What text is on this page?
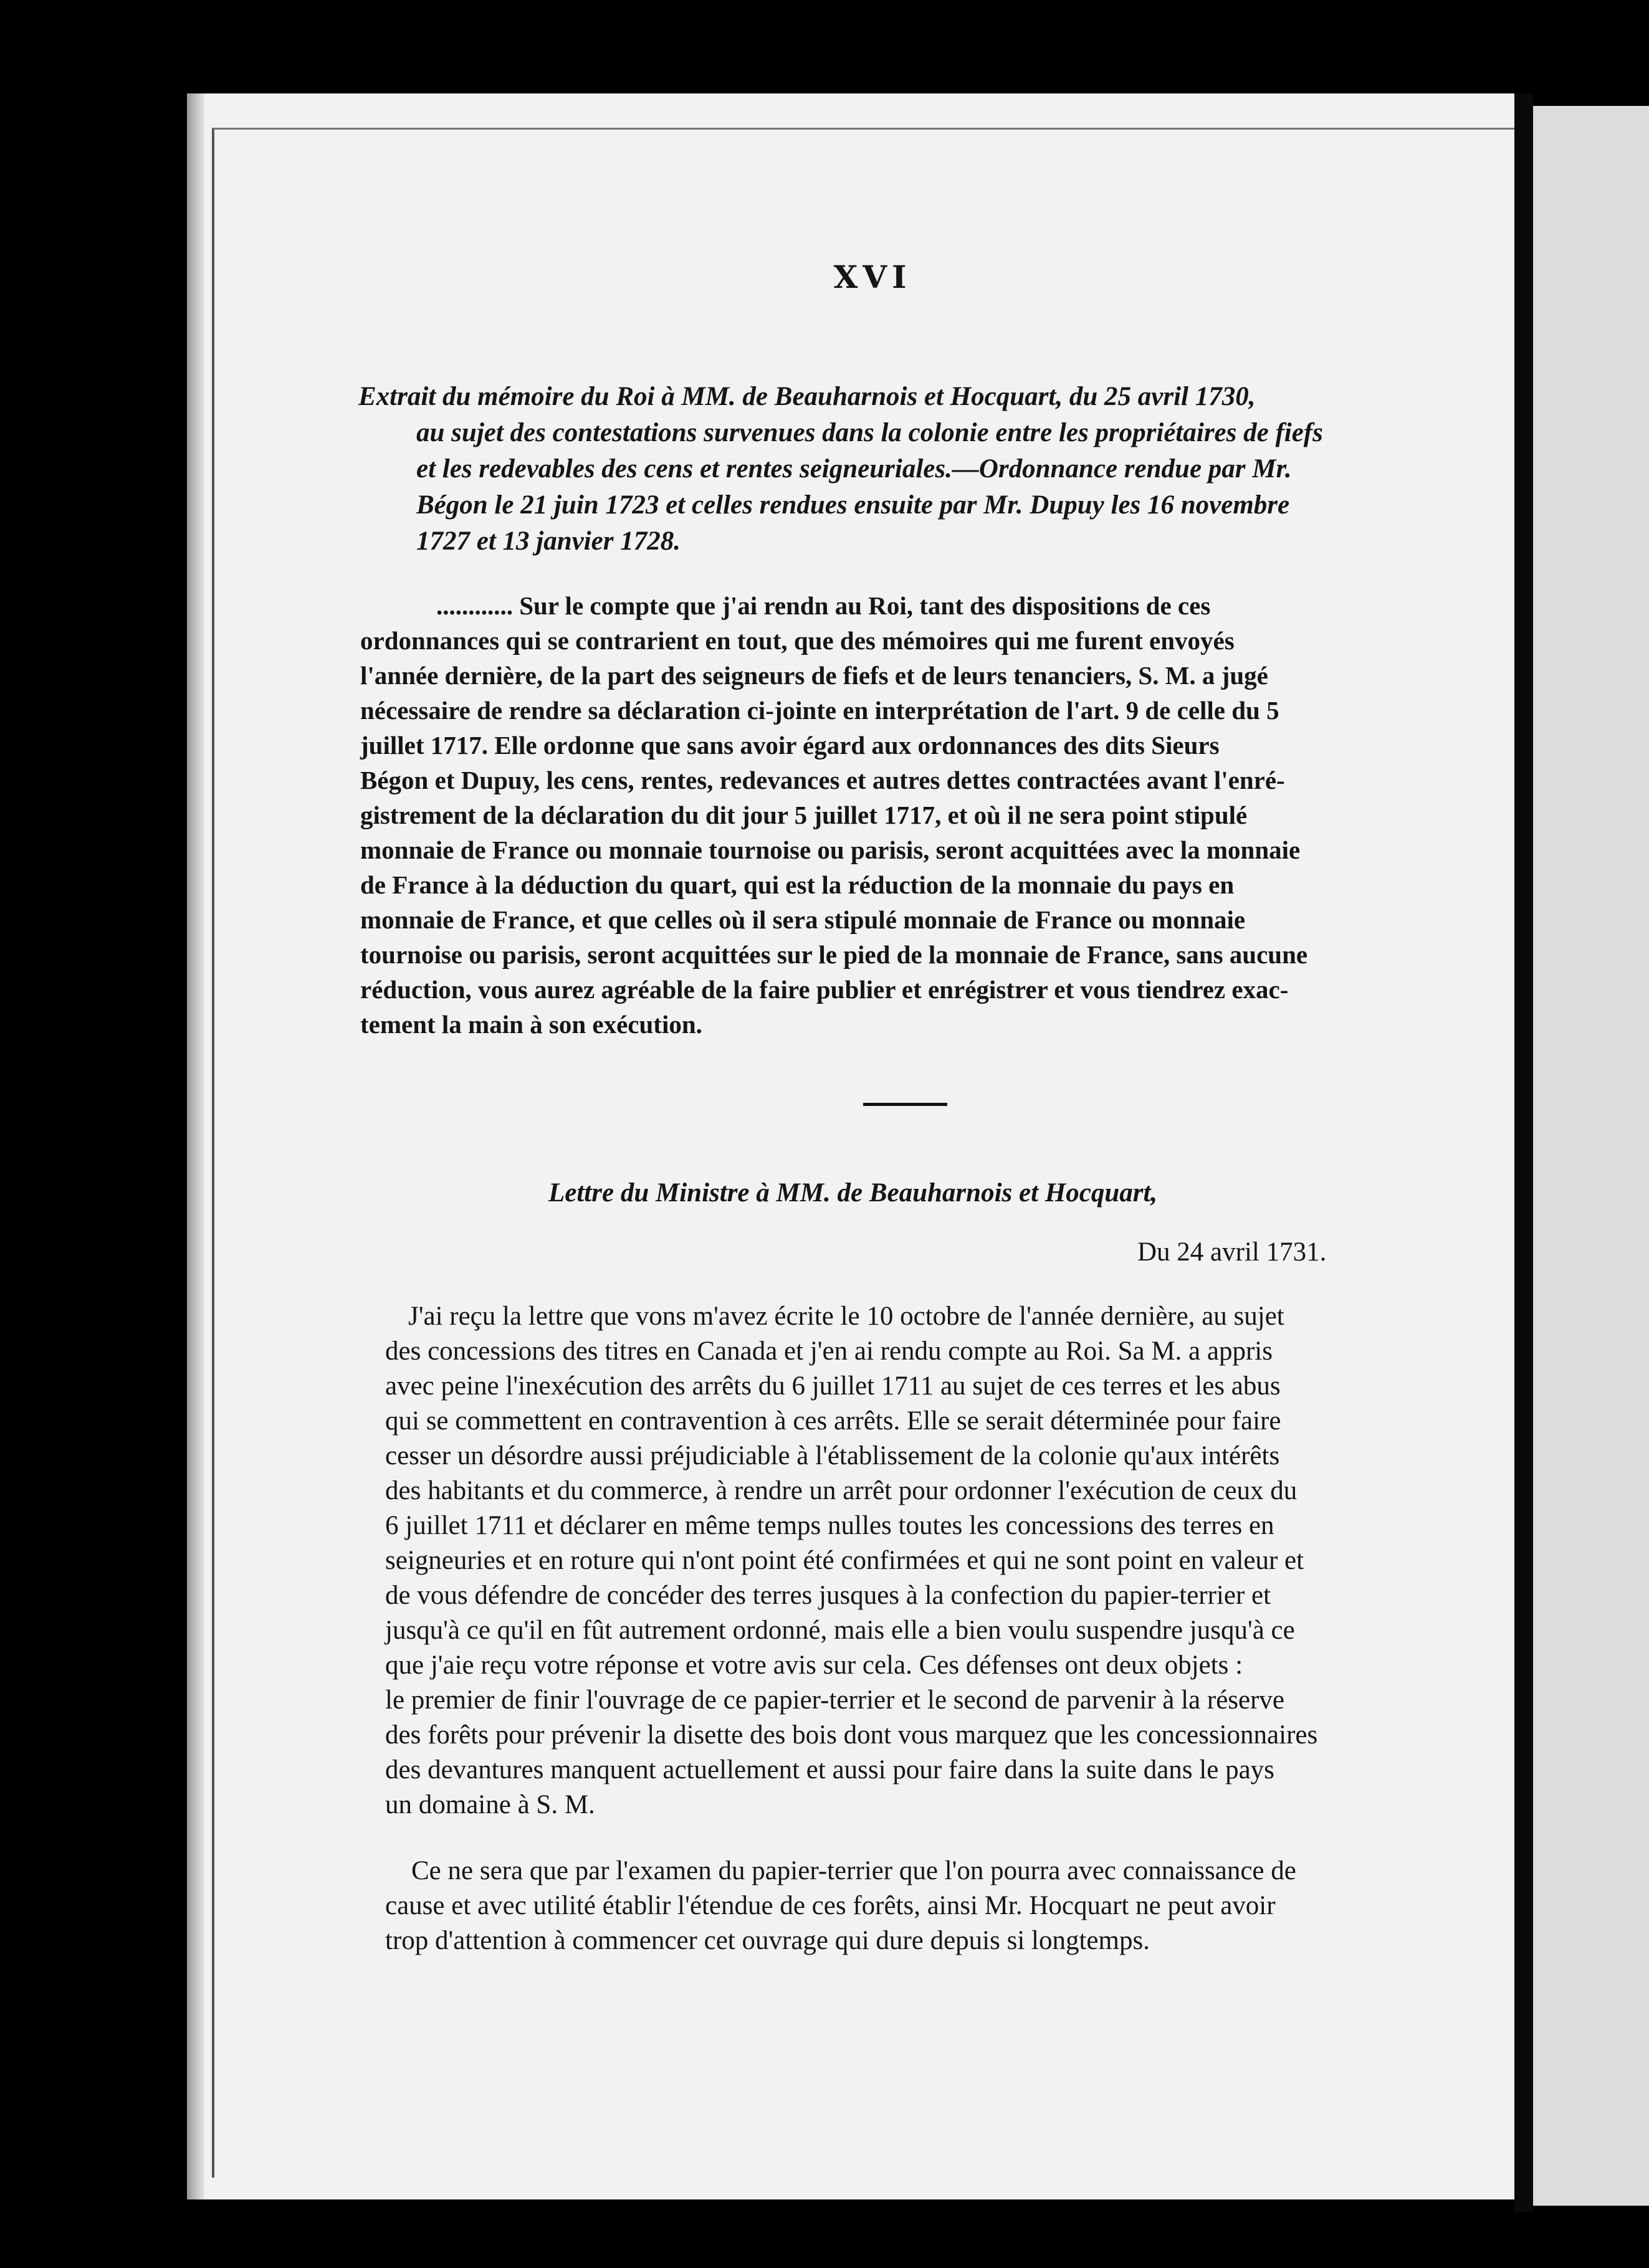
XVI

Extrait du mémoire du Roi à MM. de Beauharnois et Hocquart, du 25 avril 1730,

au sujet des contestations survenues dans la colonie entre les propriétaires de fiefs

et les redevables des cens et rentes seigneuriales.—Ordonnance rendue par Mr.

Bégon le 21 juin 1723 et celles rendues ensuite par Mr. Dupuy les 16 novembre

1727 et 13 janvier 1728.

............ Sur le compte que j'ai rendn au Roi, tant des dispositions de ces

ordonnances qui se contrarient en tout, que des mémoires qui me furent envoyés

l'année dernière, de la part des seigneurs de fiefs et de leurs tenanciers, S. M. a jugé

nécessaire de rendre sa déclaration ci-jointe en interprétation de l'art. 9 de celle du 5

juillet 1717. Elle ordonne que sans avoir égard aux ordonnances des dits Sieurs

Bégon et Dupuy, les cens, rentes, redevances et autres dettes contractées avant l'enré-

gistrement de la déclaration du dit jour 5 juillet 1717, et où il ne sera point stipulé

monnaie de France ou monnaie tournoise ou parisis, seront acquittées avec la monnaie

de France à la déduction du quart, qui est la réduction de la monnaie du pays en

monnaie de France, et que celles où il sera stipulé monnaie de France ou monnaie

tournoise ou parisis, seront acquittées sur le pied de la monnaie de France, sans aucune

réduction, vous aurez agréable de la faire publier et enrégistrer et vous tiendrez exac-

tement la main à son exécution.

Lettre du Ministre à MM. de Beauharnois et Hocquart,

Du 24 avril 1731.

J'ai reçu la lettre que vons m'avez écrite le 10 octobre de l'année dernière, au sujet

des concessions des titres en Canada et j'en ai rendu compte au Roi. Sa M. a appris

avec peine l'inexécution des arrêts du 6 juillet 1711 au sujet de ces terres et les abus

qui se commettent en contravention à ces arrêts. Elle se serait déterminée pour faire

cesser un désordre aussi préjudiciable à l'établissement de la colonie qu'aux intérêts

des habitants et du commerce, à rendre un arrêt pour ordonner l'exécution de ceux du

6 juillet 1711 et déclarer en même temps nulles toutes les concessions des terres en

seigneuries et en roture qui n'ont point été confirmées et qui ne sont point en valeur et

de vous défendre de concéder des terres jusques à la confection du papier-terrier et

jusqu'à ce qu'il en fût autrement ordonné, mais elle a bien voulu suspendre jusqu'à ce

que j'aie reçu votre réponse et votre avis sur cela. Ces défenses ont deux objets :

le premier de finir l'ouvrage de ce papier-terrier et le second de parvenir à la réserve

des forêts pour prévenir la disette des bois dont vous marquez que les concessionnaires

des devantures manquent actuellement et aussi pour faire dans la suite dans le pays

un domaine à S. M.

Ce ne sera que par l'examen du papier-terrier que l'on pourra avec connaissance de

cause et avec utilité établir l'étendue de ces forêts, ainsi Mr. Hocquart ne peut avoir

trop d'attention à commencer cet ouvrage qui dure depuis si longtemps.
